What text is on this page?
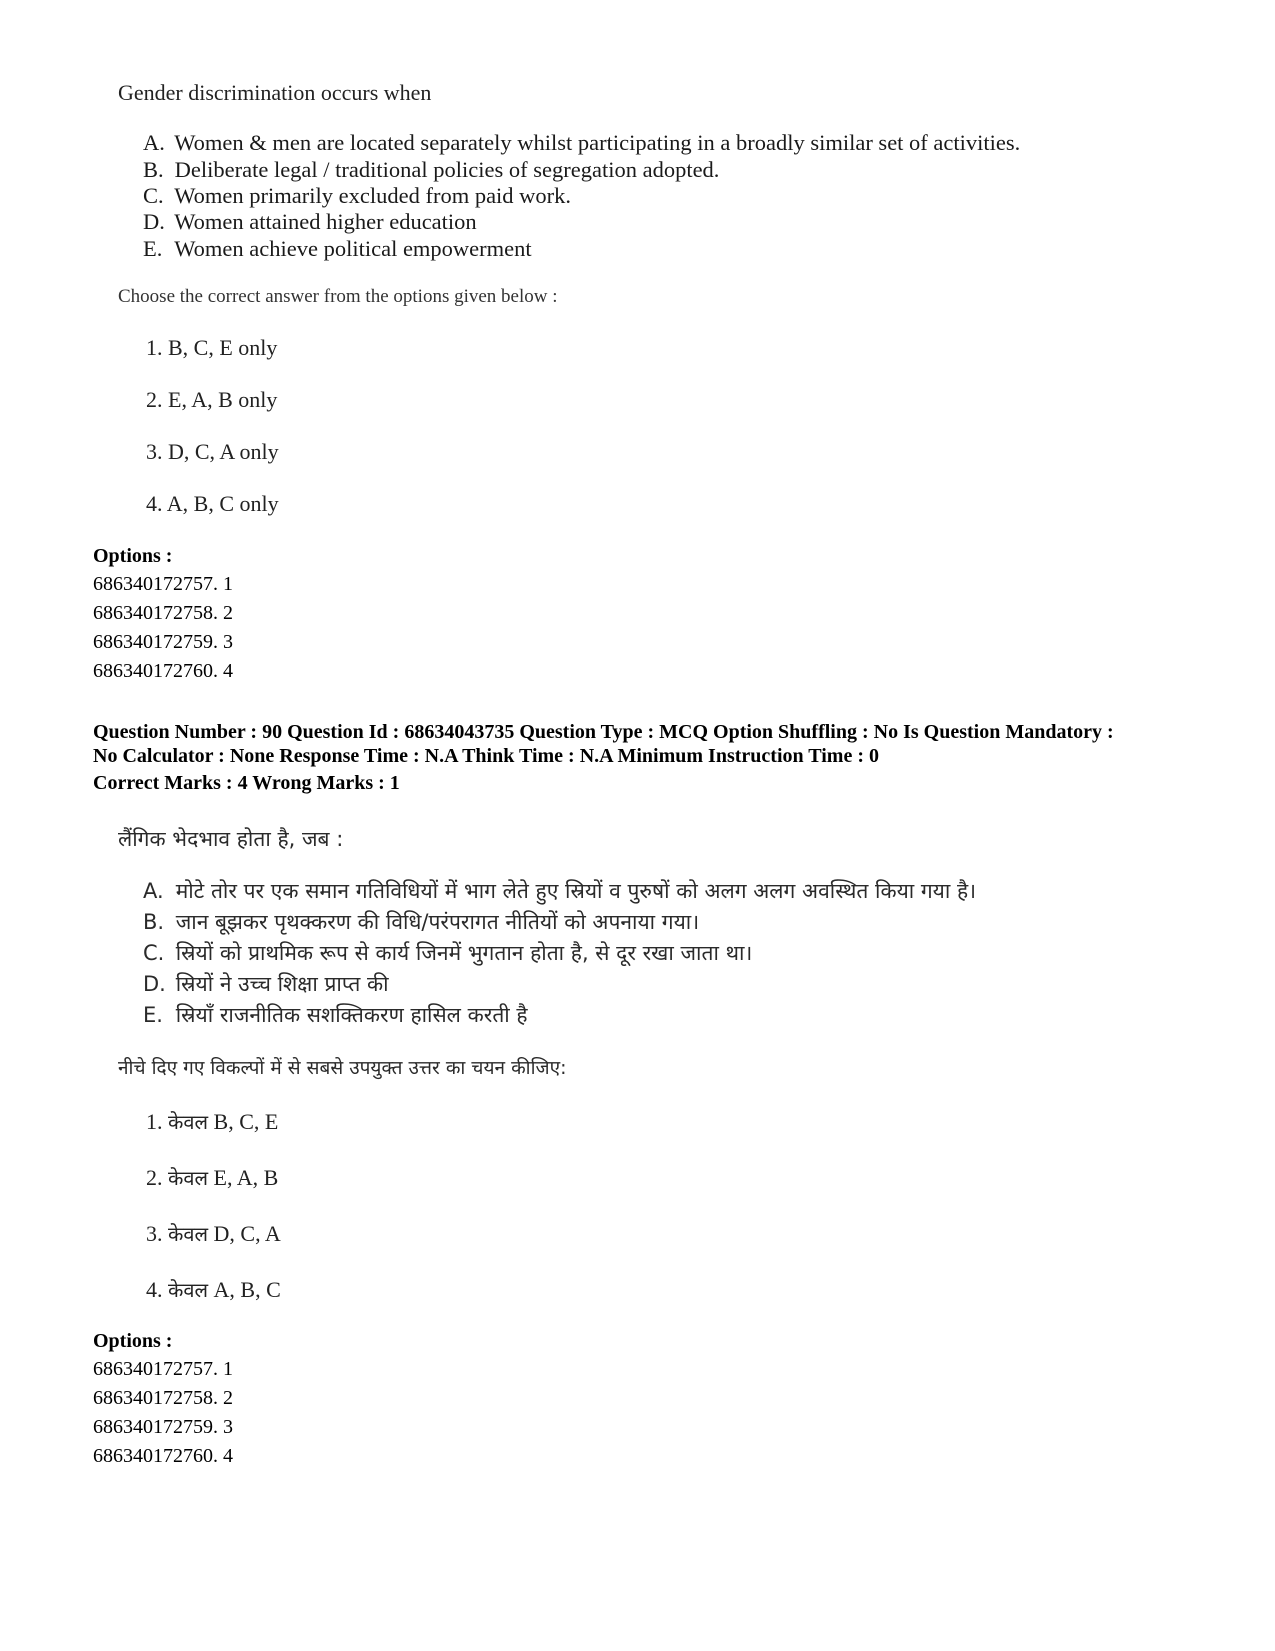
Gender discrimination occurs when
A. Women & men are located separately whilst participating in a broadly similar set of activities.
B. Deliberate legal / traditional policies of segregation adopted.
C. Women primarily excluded from paid work.
D. Women attained higher education
E. Women achieve political empowerment
Choose the correct answer from the options given below :
1. B, C, E only
2. E, A, B only
3. D, C, A only
4. A, B, C only
Options :
686340172757. 1
686340172758. 2
686340172759. 3
686340172760. 4
Question Number : 90 Question Id : 68634043735 Question Type : MCQ Option Shuffling : No Is Question Mandatory :
No Calculator : None Response Time : N.A Think Time : N.A Minimum Instruction Time : 0
Correct Marks : 4 Wrong Marks : 1
लैंगिक भेदभाव होता है, जब :
A. मोटे तोर पर एक समान गतिविधियों में भाग लेते हुए स्रियों व पुरुषों को अलग अलग अवस्थित किया गया है।
B. जान बूझकर पृथक्करण की विधि/परंपरागत नीतियों को अपनाया गया।
C. स्रियों को प्राथमिक रूप से कार्य जिनमें भुगतान होता है, से दूर रखा जाता था।
D. स्रियों ने उच्च शिक्षा प्राप्त की
E. स्रियाँ राजनीतिक सशक्तिकरण हासिल करती है
नीचे दिए गए विकल्पों में से सबसे उपयुक्त उत्तर का चयन कीजिए:
1. केवल B, C, E
2. केवल E, A, B
3. केवल D, C, A
4. केवल A, B, C
Options :
686340172757. 1
686340172758. 2
686340172759. 3
686340172760. 4
